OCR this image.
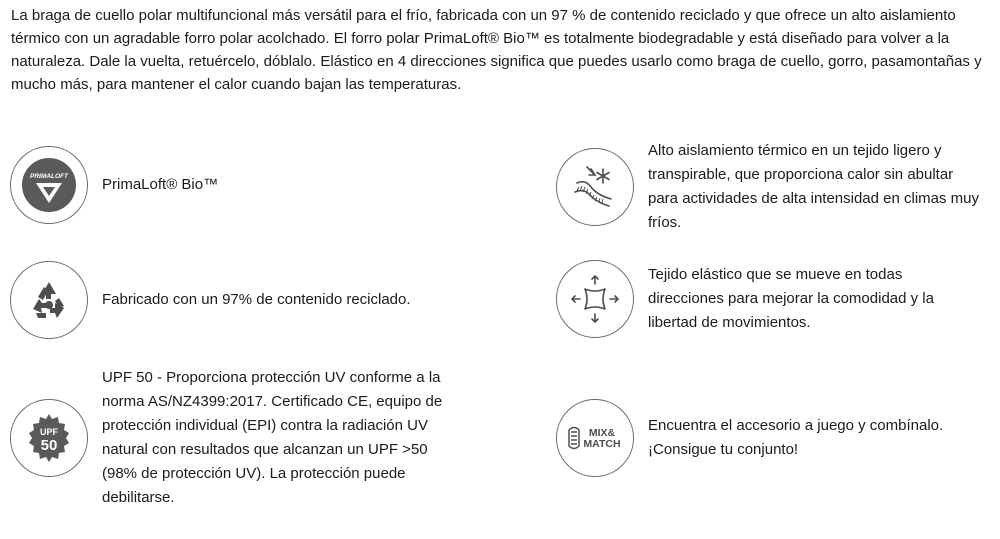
La braga de cuello polar multifuncional más versátil para el frío, fabricada con un 97 % de contenido reciclado y que ofrece un alto aislamiento térmico con un agradable forro polar acolchado. El forro polar PrimaLoft® Bio™ es totalmente biodegradable y está diseñado para volver a la naturaleza. Dale la vuelta, retuércelo, dóblalo. Elástico en 4 direcciones significa que puedes usarlo como braga de cuello, gorro, pasamontañas y mucho más, para mantener el calor cuando bajan las temperaturas.

PRIMALOFT PrimaLoft® Bio™
Fabricado con un 97% de contenido reciclado.
UPF
50
UPF 50 - Proporciona protección UV conforme a la norma AS/NZ4399:2017. Certificado CE, equipo de protección individual (EPI) contra la radiación UV natural con resultados que alcanzan un UPF >50 (98% de protección UV). La protección puede debilitarse.
Alto aislamiento térmico en un tejido ligero y transpirable, que proporciona calor sin abultar para actividades de alta intensidad en climas muy fríos.
Tejido elástico que se mueve en todas direcciones para mejorar la comodidad y la libertad de movimientos.
MIX&
MATCH
Encuentra el accesorio a juego y combínalo. ¡Consigue tu conjunto!
